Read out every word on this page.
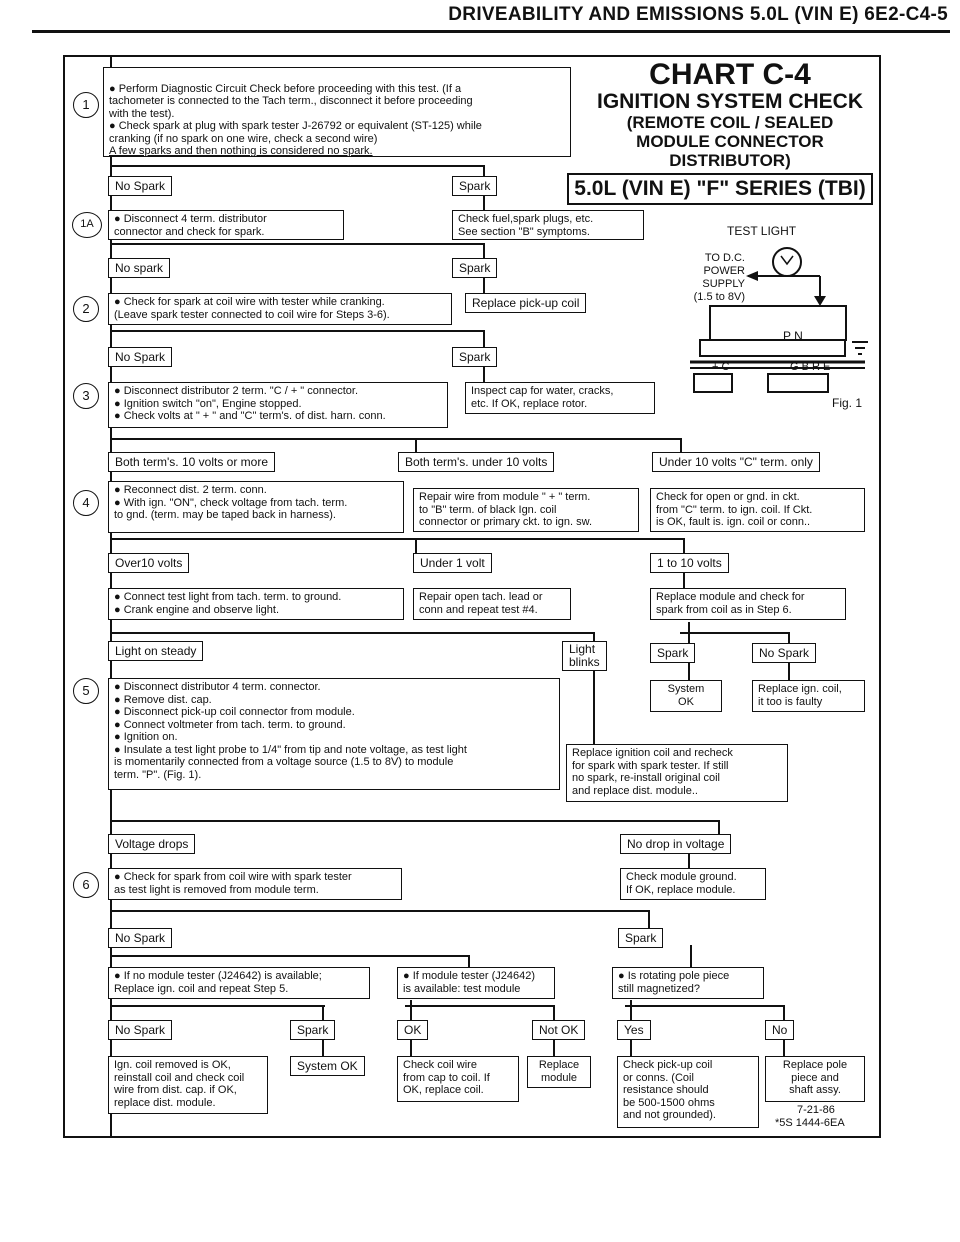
DRIVEABILITY AND EMISSIONS 5.0L (VIN E) 6E2-C4-5
CHART C-4
IGNITION SYSTEM CHECK
(REMOTE COIL / SEALED
MODULE CONNECTOR
DISTRIBUTOR)
5.0L (VIN E) "F" SERIES (TBI)
1
1A
2
3
4
5
6

● Perform Diagnostic Circuit Check before proceeding with this test. (If a
tachometer is connected to the Tach term., disconnect it before proceeding
with the test).
● Check spark at plug with spark tester J-26792 or equivalent (ST-125) while
cranking (if no spark on one wire, check a second wire)
A few sparks and then nothing is considered no spark.

No Spark	Spark
● Disconnect 4 term. distributor
connector and check for spark.
Check fuel,spark plugs, etc.
See section "B" symptoms.
No spark	Spark
● Check for spark at coil wire with tester while cranking.
(Leave spark tester connected to coil wire for Steps 3-6).
Replace pick-up coil
No Spark	Spark
● Disconnect distributor 2 term. "C / + " connector.
● Ignition switch "on", Engine stopped.
● Check volts at " + " and "C" term's. of dist. harn. conn.
Inspect cap for water, cracks,
etc. If OK, replace rotor.
Both term's. 10 volts or more	Both term's. under 10 volts	Under 10 volts "C" term. only
● Reconnect dist. 2 term. conn.
● With ign. "ON", check voltage from tach. term.
to gnd. (term. may be taped back in harness).
Repair wire from module " + " term.
to "B" term. of black Ign. coil
connector or primary ckt. to ign. sw.
Check for open or gnd. in ckt.
from "C" term. to ign. coil. If Ckt.
is OK, fault is. ign. coil or conn..
Over10 volts	Under 1 volt	1 to 10 volts
● Connect test light from tach. term. to ground.
● Crank engine and observe light.
Repair open tach. lead or
conn and repeat test #4.
Replace module and check for
spark from coil as in Step 6.
Light on steady	Light
blinks
Spark	No Spark
● Disconnect distributor 4 term. connector.
● Remove dist. cap.
● Disconnect pick-up coil connector from module.
● Connect voltmeter from tach. term. to ground.
● Ignition on.
● Insulate a test light probe to 1/4" from tip and note voltage, as test light
is momentarily connected from a voltage source (1.5 to 8V) to module
term. "P". (Fig. 1).
System
OK
Replace ign. coil,
it too is faulty
Replace ignition coil and recheck
for spark with spark tester. If still
no spark, re-install original coil
and replace dist. module..
Voltage drops	No drop in voltage
● Check for spark from coil wire with spark tester
as test light is removed from module term.
Check module ground.
If OK, replace module.
No Spark	Spark
● If no module tester (J24642) is available;
Replace ign. coil and repeat Step 5.
● If module tester (J24642)
is available: test module
● Is rotating pole piece
still magnetized?
No Spark	Spark	OK	Not OK	Yes	No
Ign. coil removed is OK,
reinstall coil and check coil
wire from dist. cap. if OK,
replace dist. module.
System OK	Check coil wire
from cap to coil. If
OK, replace coil.
Replace
module
Check pick-up coil
or conns. (Coil
resistance should
be 500-1500 ohms
and not grounded).
Replace pole
piece and
shaft assy.
TEST LIGHT
TO D.C.
POWER SUPPLY
(1.5 to 8V)
P N
+ C	G B R E
Fig. 1
7-21-86
*5S 1444-6EA
